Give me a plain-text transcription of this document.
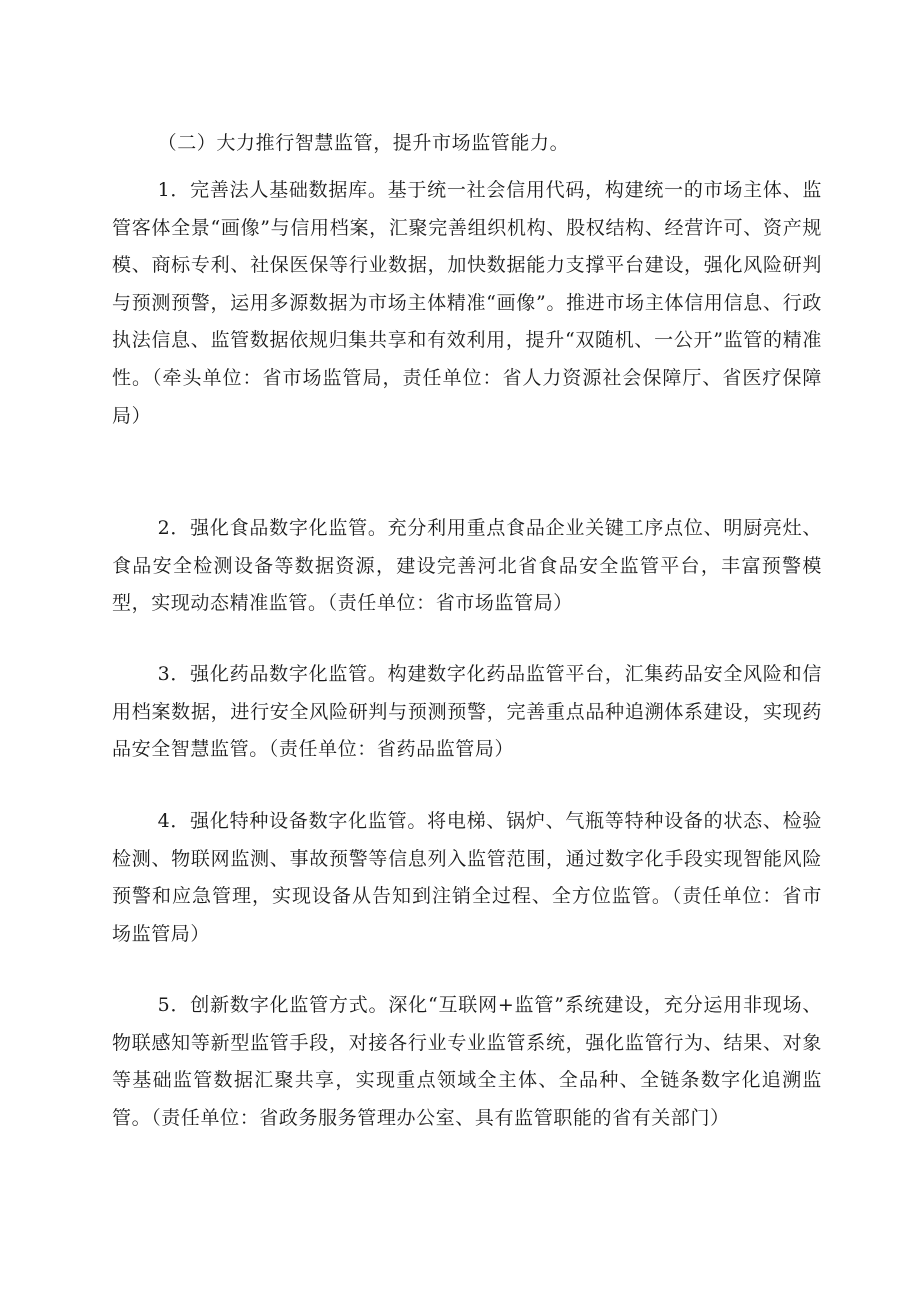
（二）大力推行智慧监管，提升市场监管能力。

1．完善法人基础数据库。基于统一社会信用代码，构建统一的市场主体、监管客体全景“画像”与信用档案，汇聚完善组织机构、股权结构、经营许可、资产规模、商标专利、社保医保等行业数据，加快数据能力支撑平台建设，强化风险研判与预测预警，运用多源数据为市场主体精准“画像”。推进市场主体信用信息、行政执法信息、监管数据依规归集共享和有效利用，提升“双随机、一公开”监管的精准性。（牵头单位：省市场监管局，责任单位：省人力资源社会保障厅、省医疗保障局）

2．强化食品数字化监管。充分利用重点食品企业关键工序点位、明厨亮灶、食品安全检测设备等数据资源，建设完善河北省食品安全监管平台，丰富预警模型，实现动态精准监管。（责任单位：省市场监管局）

3．强化药品数字化监管。构建数字化药品监管平台，汇集药品安全风险和信用档案数据，进行安全风险研判与预测预警，完善重点品种追溯体系建设，实现药品安全智慧监管。（责任单位：省药品监管局）

4．强化特种设备数字化监管。将电梯、锅炉、气瓶等特种设备的状态、检验检测、物联网监测、事故预警等信息列入监管范围，通过数字化手段实现智能风险预警和应急管理，实现设备从告知到注销全过程、全方位监管。（责任单位：省市场监管局）

5．创新数字化监管方式。深化“互联网+监管”系统建设，充分运用非现场、物联感知等新型监管手段，对接各行业专业监管系统，强化监管行为、结果、对象等基础监管数据汇聚共享，实现重点领域全主体、全品种、全链条数字化追溯监管。（责任单位：省政务服务管理办公室、具有监管职能的省有关部门）
